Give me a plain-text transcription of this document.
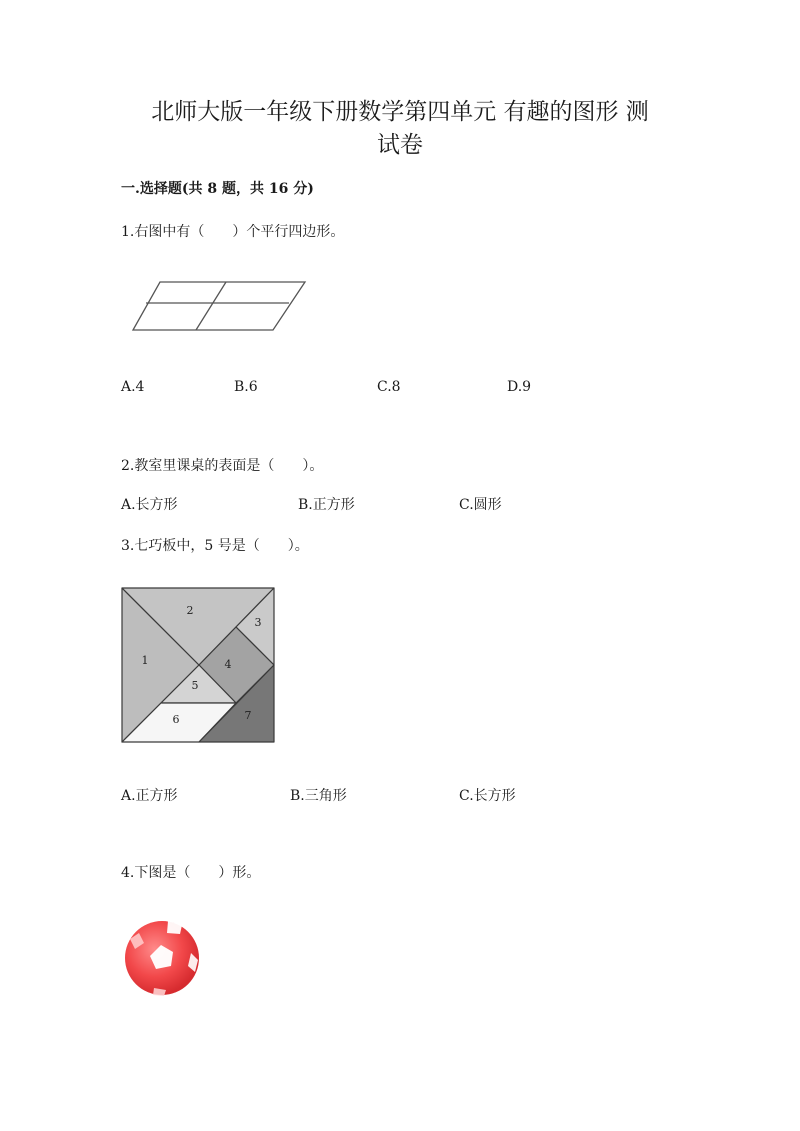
北师大版一年级下册数学第四单元 有趣的图形 测
试卷

一.选择题(共 8 题，共 16 分)

1.右图中有（　　）个平行四边形。

A.4	B.6	C.8	D.9

2.教室里课桌的表面是（　　）。

A.长方形	B.正方形	C.圆形

3.七巧板中，5 号是（　　）。

1
2
3
4
5
6	7

A.正方形	B.三角形	C.长方形

4.下图是（　　）形。
